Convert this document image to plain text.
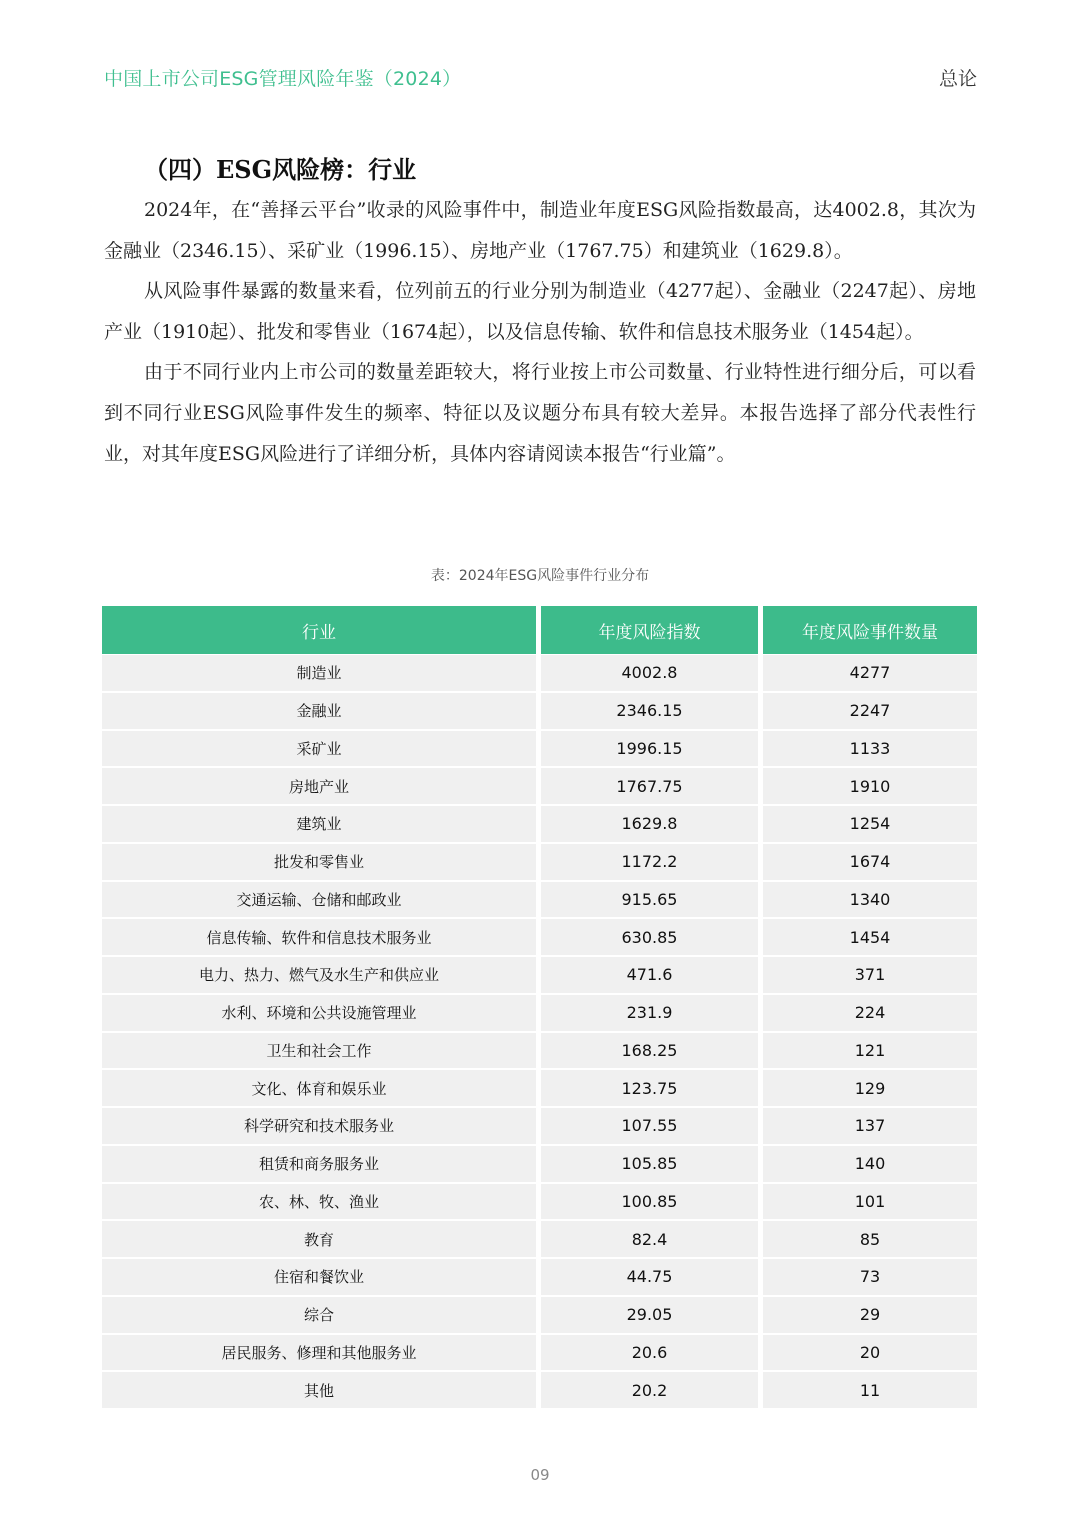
中国上市公司ESG管理风险年鉴（2024）	总论
（四）ESG风险榜：行业

2024年，在“善择云平台”收录的风险事件中，制造业年度ESG风险指数最高，达4002.8，其次为金融业（2346.15）、采矿业（1996.15）、房地产业（1767.75）和建筑业（1629.8）。

从风险事件暴露的数量来看，位列前五的行业分别为制造业（4277起）、金融业（2247起）、房地产业（1910起）、批发和零售业（1674起），以及信息传输、软件和信息技术服务业（1454起）。

由于不同行业内上市公司的数量差距较大，将行业按上市公司数量、行业特性进行细分后，可以看到不同行业ESG风险事件发生的频率、特征以及议题分布具有较大差异。本报告选择了部分代表性行业，对其年度ESG风险进行了详细分析，具体内容请阅读本报告“行业篇”。

表：2024年ESG风险事件行业分布
行业	年度风险指数	年度风险事件数量
制造业	4002.8	4277
金融业	2346.15	2247
采矿业	1996.15	1133
房地产业	1767.75	1910
建筑业	1629.8	1254
批发和零售业	1172.2	1674
交通运输、仓储和邮政业	915.65	1340
信息传输、软件和信息技术服务业	630.85	1454
电力、热力、燃气及水生产和供应业	471.6	371
水利、环境和公共设施管理业	231.9	224
卫生和社会工作	168.25	121
文化、体育和娱乐业	123.75	129
科学研究和技术服务业	107.55	137
租赁和商务服务业	105.85	140
农、林、牧、渔业	100.85	101
教育	82.4	85
住宿和餐饮业	44.75	73
综合	29.05	29
居民服务、修理和其他服务业	20.6	20
其他	20.2	11
09
